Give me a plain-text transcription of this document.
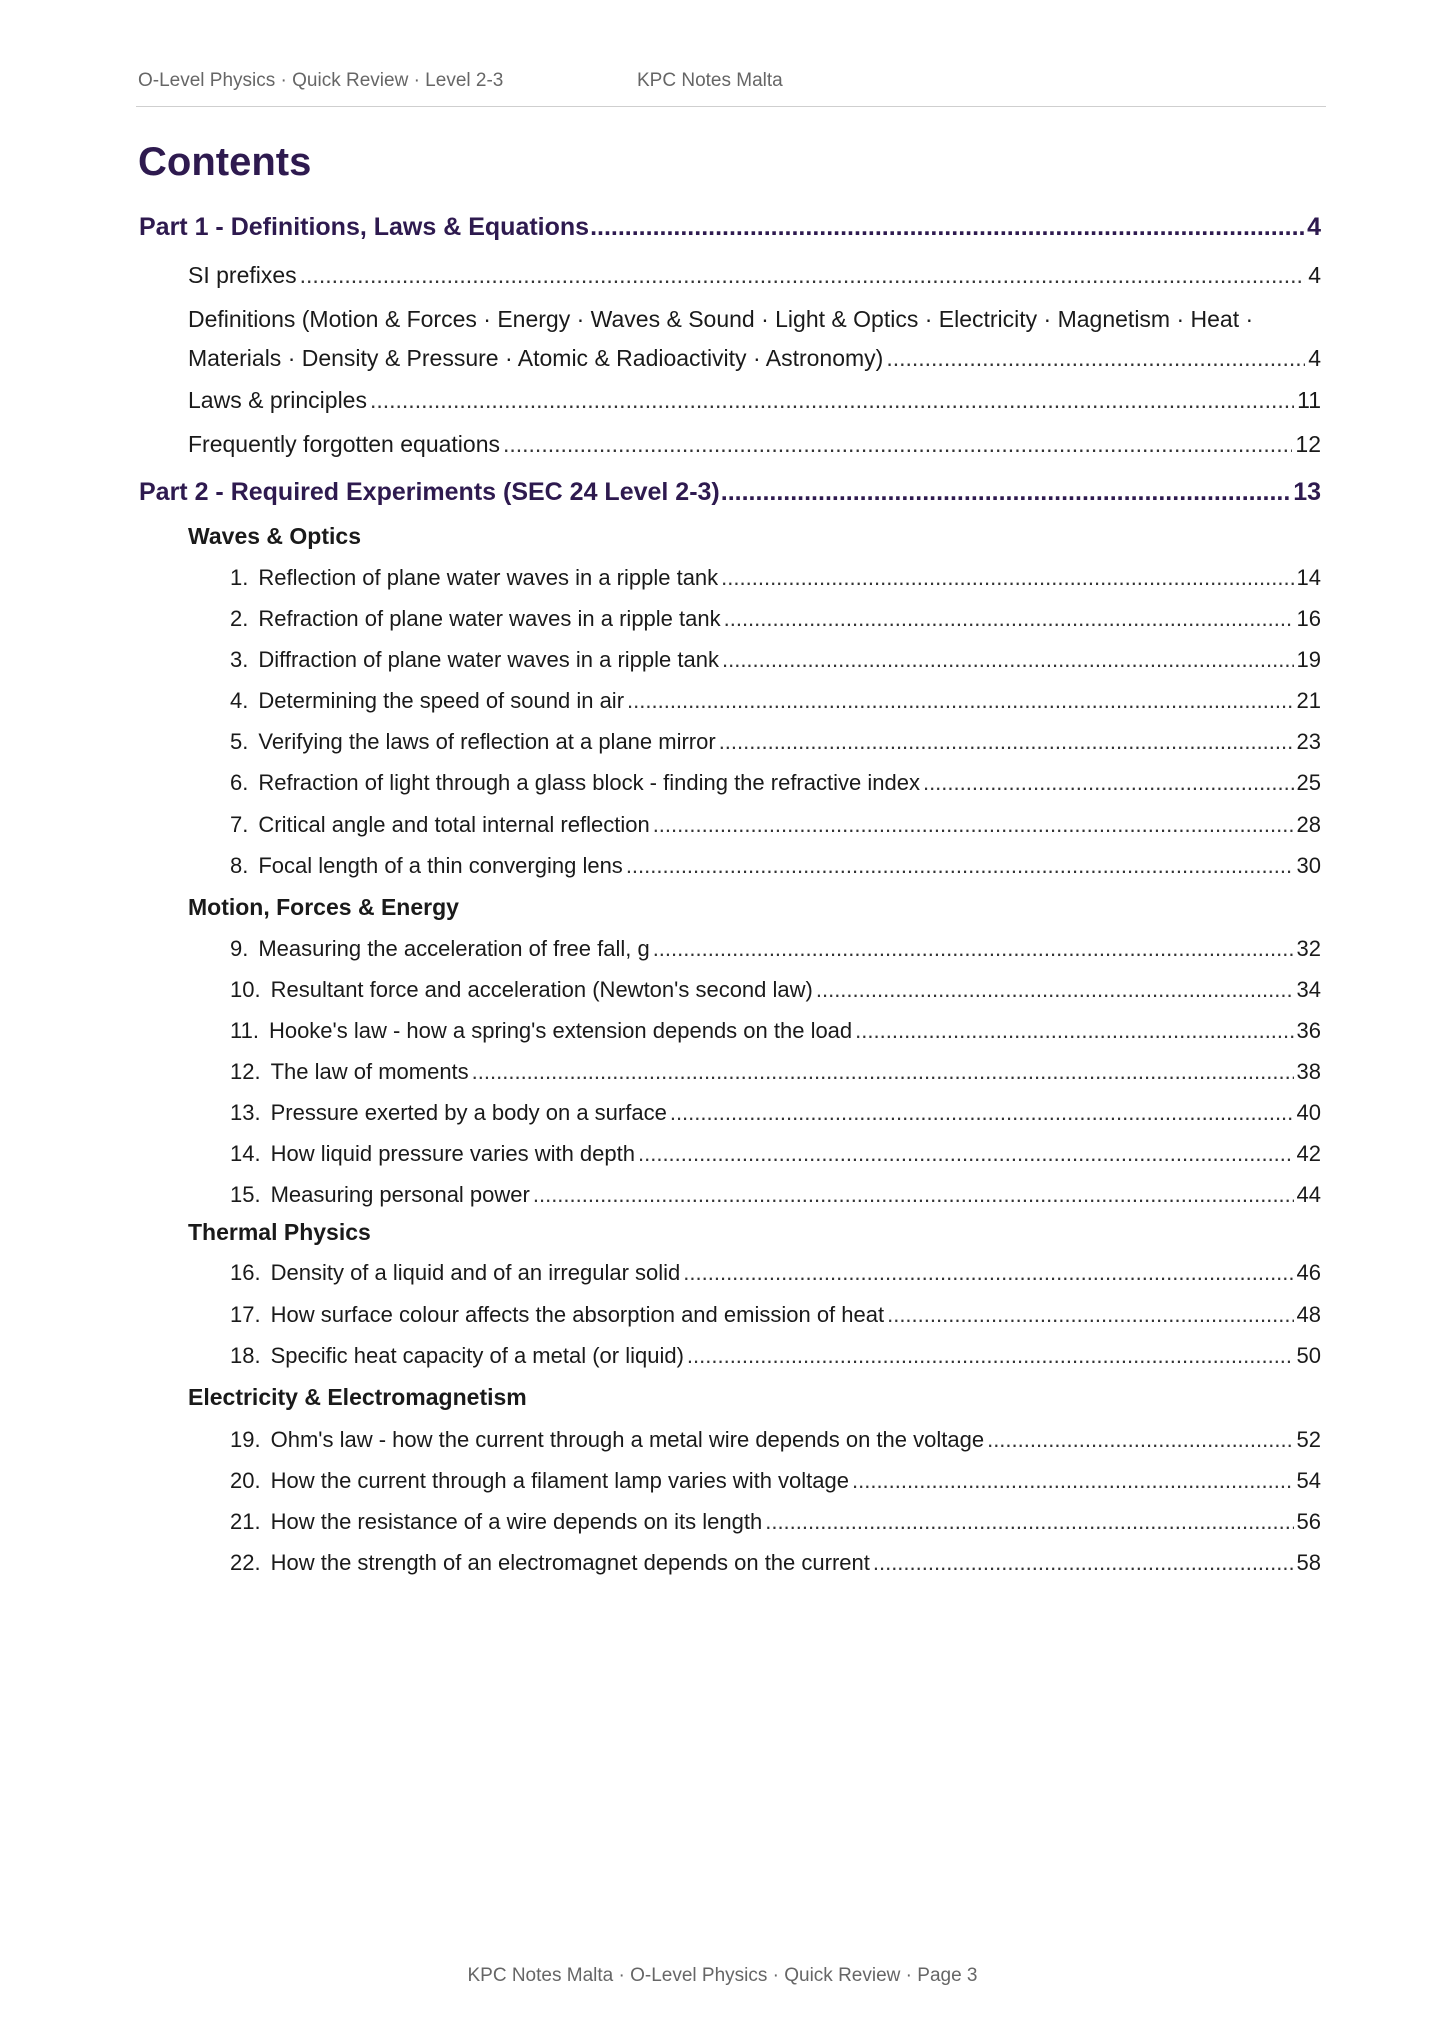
O-Level Physics · Quick Review · Level 2-3	KPC Notes Malta
Contents
Part 1 - Definitions, Laws & Equations .....	4
SI prefixes .....	4
Definitions (Motion & Forces · Energy · Waves & Sound · Light & Optics · Electricity · Magnetism · Heat ·
Materials · Density & Pressure · Atomic & Radioactivity · Astronomy) .....	4
Laws & principles .....	11
Frequently forgotten equations .....	12
Part 2 - Required Experiments (SEC 24 Level 2-3) .....	13
Waves & Optics
1. Reflection of plane water waves in a ripple tank .....	14
2. Refraction of plane water waves in a ripple tank .....	16
3. Diffraction of plane water waves in a ripple tank .....	19
4. Determining the speed of sound in air .....	21
5. Verifying the laws of reflection at a plane mirror .....	23
6. Refraction of light through a glass block - finding the refractive index .....	25
7. Critical angle and total internal reflection .....	28
8. Focal length of a thin converging lens .....	30
Motion, Forces & Energy
9. Measuring the acceleration of free fall, g .....	32
10. Resultant force and acceleration (Newton's second law) .....	34
11. Hooke's law - how a spring's extension depends on the load .....	36
12. The law of moments .....	38
13. Pressure exerted by a body on a surface .....	40
14. How liquid pressure varies with depth .....	42
15. Measuring personal power .....	44
Thermal Physics
16. Density of a liquid and of an irregular solid .....	46
17. How surface colour affects the absorption and emission of heat .....	48
18. Specific heat capacity of a metal (or liquid) .....	50
Electricity & Electromagnetism
19. Ohm's law - how the current through a metal wire depends on the voltage .....	52
20. How the current through a filament lamp varies with voltage .....	54
21. How the resistance of a wire depends on its length .....	56
22. How the strength of an electromagnet depends on the current .....	58
KPC Notes Malta · O-Level Physics · Quick Review · Page 3
